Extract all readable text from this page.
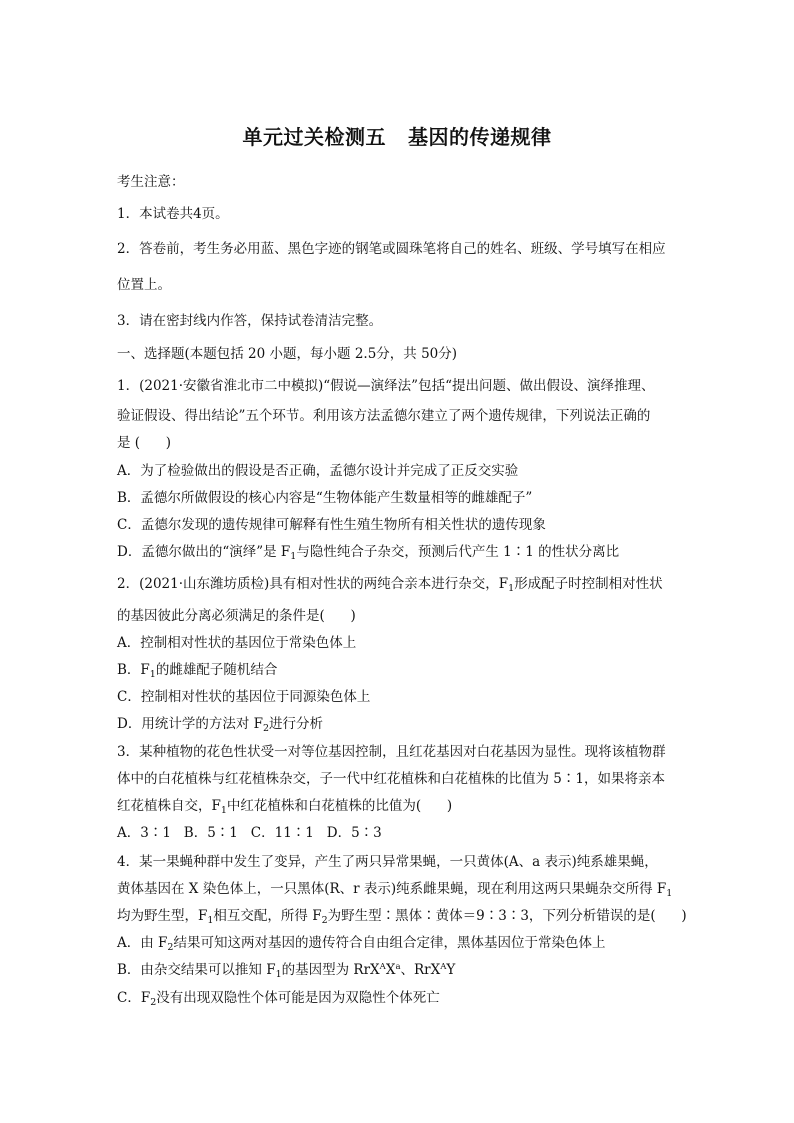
单元过关检测五 基因的传递规律
考生注意：
1．本试卷共4页。
2．答卷前，考生务必用蓝、黑色字迹的钢笔或圆珠笔将自己的姓名、班级、学号填写在相应
位置上。
3．请在密封线内作答，保持试卷清洁完整。
一、选择题(本题包括 20 小题，每小题 2.5分，共 50分)
1．(2021·安徽省淮北市二中模拟)“假说—演绎法”包括“提出问题、做出假设、演绎推理、
验证假设、得出结论”五个环节。利用该方法孟德尔建立了两个遗传规律，下列说法正确的
是 (      )
A．为了检验做出的假设是否正确，孟德尔设计并完成了正反交实验
B．孟德尔所做假设的核心内容是“生物体能产生数量相等的雌雄配子”
C．孟德尔发现的遗传规律可解释有性生殖生物所有相关性状的遗传现象
D．孟德尔做出的“演绎”是 $F_1$与隐性纯合子杂交，预测后代产生 1∶1 的性状分离比
2．(2021·山东潍坊质检)具有相对性状的两纯合亲本进行杂交，$F_1$形成配子时控制相对性状
的基因彼此分离必须满足的条件是(      )
A．控制相对性状的基因位于常染色体上
B．$F_1$的雌雄配子随机结合
C．控制相对性状的基因位于同源染色体上
D．用统计学的方法对 $F_2$进行分析
3．某种植物的花色性状受一对等位基因控制，且红花基因对白花基因为显性。现将该植物群
体中的白花植株与红花植株杂交，子一代中红花植株和白花植株的比值为 5∶1，如果将亲本
红花植株自交，$F_1$中红花植株和白花植株的比值为(      )
A．3∶1   B．5∶1   C．11∶1   D．5∶3
4．某一果蝇种群中发生了变异，产生了两只异常果蝇，一只黄体(A、a 表示)纯系雄果蝇，
黄体基因在 X 染色体上，一只黑体(R、r 表示)纯系雌果蝇，现在利用这两只果蝇杂交所得 $F_1$
均为野生型，$F_1$相互交配，所得 $F_2$为野生型∶黑体∶黄体＝9∶3∶3，下列分析错误的是(      )
A．由 $F_2$结果可知这两对基因的遗传符合自由组合定律，黑体基因位于常染色体上
B．由杂交结果可以推知 $F_1$的基因型为 $RrX^AX^a$、RrX$^A$Y
C．$F_2$没有出现双隐性个体可能是因为双隐性个体死亡
